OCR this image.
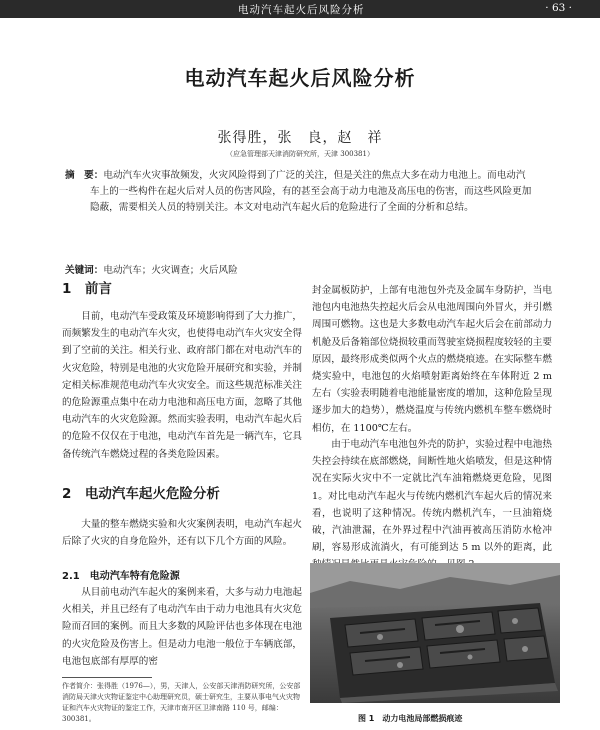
电动汽车起火后风险分析	· 63 ·
电动汽车起火后风险分析
张得胜，张　良，赵　祥
（应急管理部天津消防研究所，天津 300381）
摘　要：电动汽车火灾事故频发，火灾风险得到了广泛的关注，但是关注的焦点大多在动力电池上。而电动汽车上的一些构件在起火后对人员的伤害风险，有的甚至会高于动力电池及高压电的伤害，而这些风险更加隐蔽，需要相关人员的特别关注。本文对电动汽车起火后的危险进行了全面的分析和总结。
关键词：电动汽车；火灾调查；火后风险
1　前言
目前，电动汽车受政策及环境影响得到了大力推广，而频繁发生的电动汽车火灾，也使得电动汽车火灾安全得到了空前的关注。相关行业、政府部门都在对电动汽车的火灾危险，特别是电池的火灾危险开展研究和实验，并制定相关标准规范电动汽车火灾安全。而这些规范标准关注的危险源重点集中在动力电池和高压电方面，忽略了其他电动汽车的火灾危险源。然而实验表明，电动汽车起火后的危险不仅仅在于电池，电动汽车首先是一辆汽车，它具备传统汽车燃烧过程的各类危险因素。
2　电动汽车起火危险分析
大量的整车燃烧实验和火灾案例表明，电动汽车起火后除了火灾的自身危险外，还有以下几个方面的风险。
2.1　电动汽车特有危险源
从目前电动汽车起火的案例来看，大多与动力电池起火相关，并且已经有了电动汽车由于动力电池具有火灾危险而召回的案例。而且大多数的风险评估也多体现在电池的火灾危险及伤害上。但是动力电池一般位于车辆底部，电池包底部有厚厚的密
封金属板防护，上部有电池包外壳及金属车身防护，当电池包内电池热失控起火后会从电池周围向外冒火，并引燃周围可燃物。这也是大多数电动汽车起火后会在前部动力机舱及后备箱部位烧损较重而驾驶室烧损程度较轻的主要原因，最终形成类似两个火点的燃烧痕迹。在实际整车燃烧实验中，电池包的火焰喷射距离始终在车体附近 2 m 左右（实验表明随着电池能量密度的增加，这种危险呈现逐步加大的趋势），燃烧温度与传统内燃机车整车燃烧时相仿，在 1100℃左右。
由于电动汽车电池包外壳的防护，实验过程中电池热失控会持续在底部燃烧，间断性地火焰喷发，但是这种情况在实际火灾中不一定就比汽车油箱燃烧更危险，见图 1。对比电动汽车起火与传统内燃机汽车起火后的情况来看，也说明了这种情况。传统内燃机汽车，一旦油箱烧破，汽油泄漏，在外界过程中汽油再被高压消防水枪冲刷，容易形成流淌火，有可能到达 5 m 以外的距离，此
图 1　动力电池局部燃损痕迹
作者简介：张得胜（1976—），男，天津人，公安部天津消防研究所，公安部消防局天津火灾物证鉴定中心助理研究员，硕士研究生，主要从事电气火灾物证和汽车火灾物证的鉴定工作，天津市南开区卫津南路 110 号，邮编：300381。
